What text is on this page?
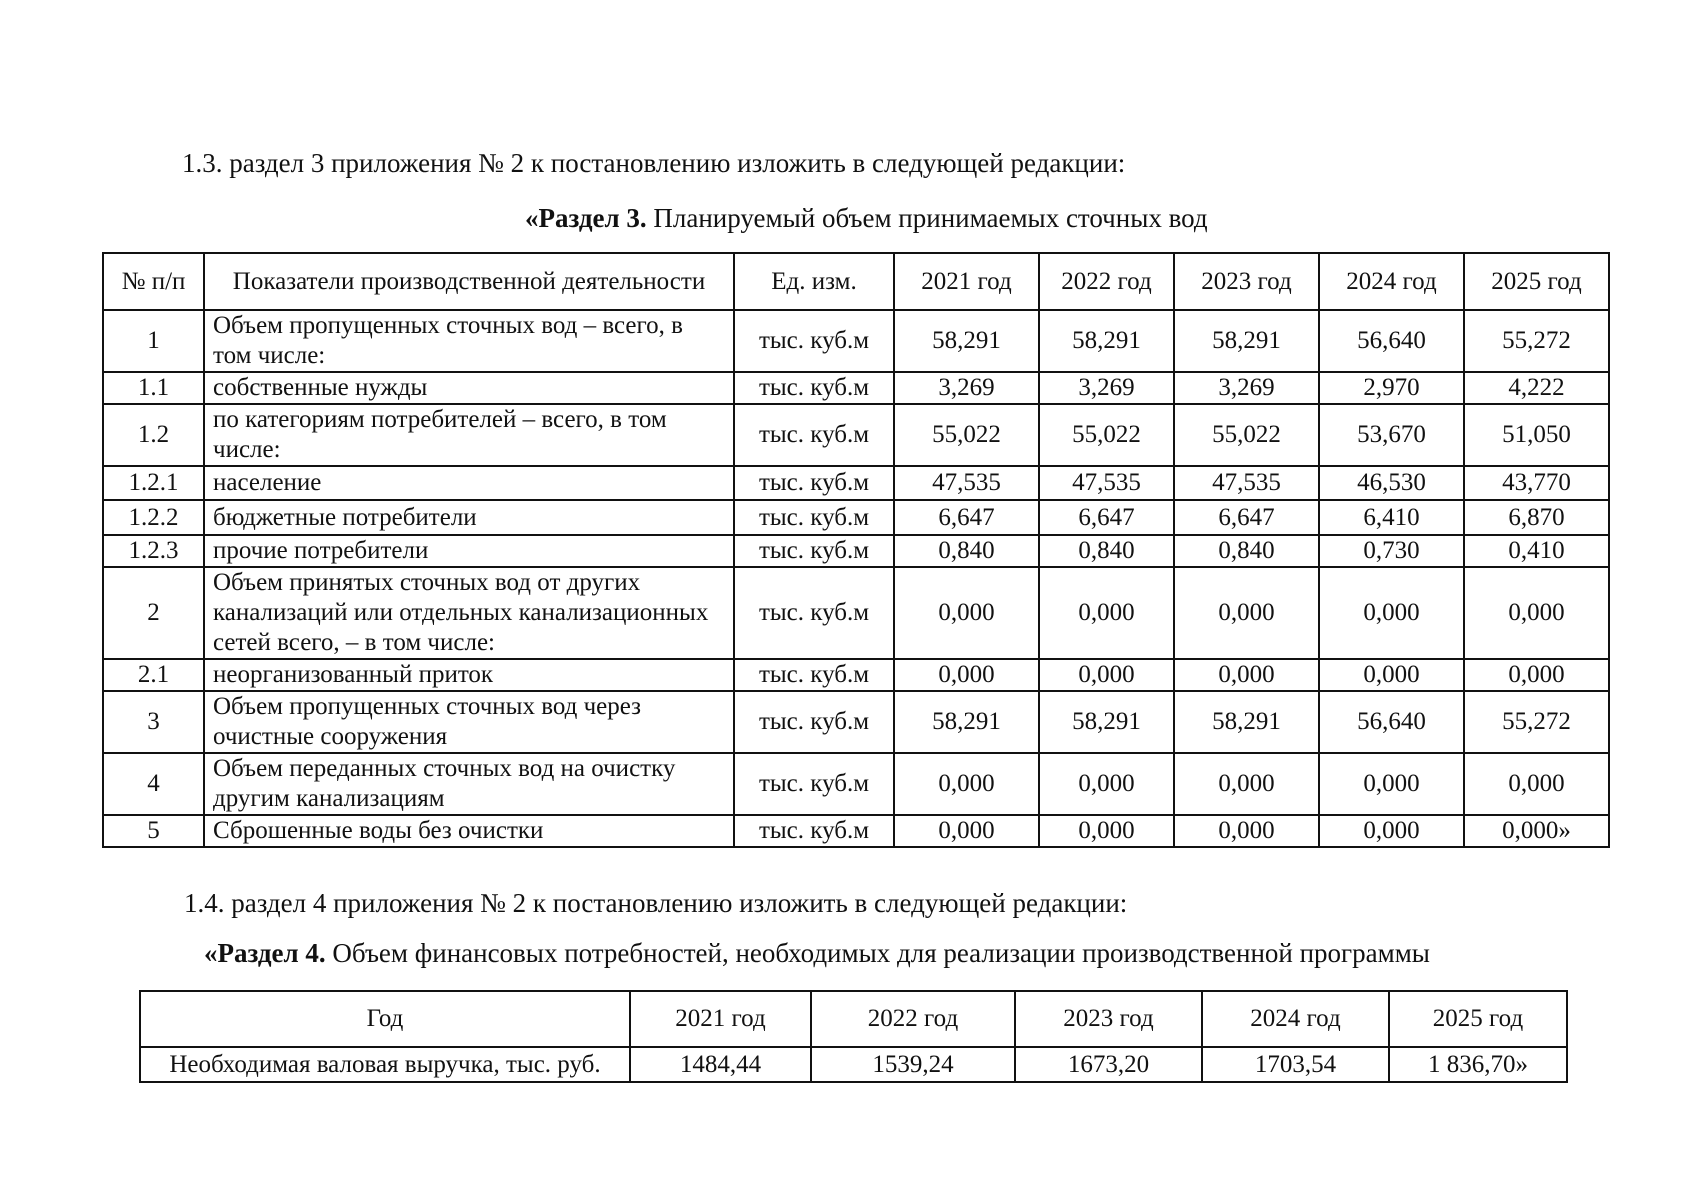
1.3. раздел 3 приложения № 2 к постановлению изложить в следующей редакции:
«Раздел 3. Планируемый объем принимаемых сточных вод
№ п/п	Показатели производственной деятельности	Ед. изм.	2021 год	2022 год	2023 год	2024 год	2025 год
1	Объем пропущенных сточных вод – всего, в том числе:	тыс. куб.м	58,291	58,291	58,291	56,640	55,272
1.1	собственные нужды	тыс. куб.м	3,269	3,269	3,269	2,970	4,222
1.2	по категориям потребителей – всего, в том числе:	тыс. куб.м	55,022	55,022	55,022	53,670	51,050
1.2.1	население	тыс. куб.м	47,535	47,535	47,535	46,530	43,770
1.2.2	бюджетные потребители	тыс. куб.м	6,647	6,647	6,647	6,410	6,870
1.2.3	прочие потребители	тыс. куб.м	0,840	0,840	0,840	0,730	0,410
2	Объем принятых сточных вод от других канализаций или отдельных канализационных сетей всего, – в том числе:	тыс. куб.м	0,000	0,000	0,000	0,000	0,000
2.1	неорганизованный приток	тыс. куб.м	0,000	0,000	0,000	0,000	0,000
3	Объем пропущенных сточных вод через очистные сооружения	тыс. куб.м	58,291	58,291	58,291	56,640	55,272
4	Объем переданных сточных вод на очистку другим канализациям	тыс. куб.м	0,000	0,000	0,000	0,000	0,000
5	Сброшенные воды без очистки	тыс. куб.м	0,000	0,000	0,000	0,000	0,000»
1.4. раздел 4 приложения № 2 к постановлению изложить в следующей редакции:
«Раздел 4. Объем финансовых потребностей, необходимых для реализации производственной программы
Год	2021 год	2022 год	2023 год	2024 год	2025 год
Необходимая валовая выручка, тыс. руб.	1484,44	1539,24	1673,20	1703,54	1 836,70»
